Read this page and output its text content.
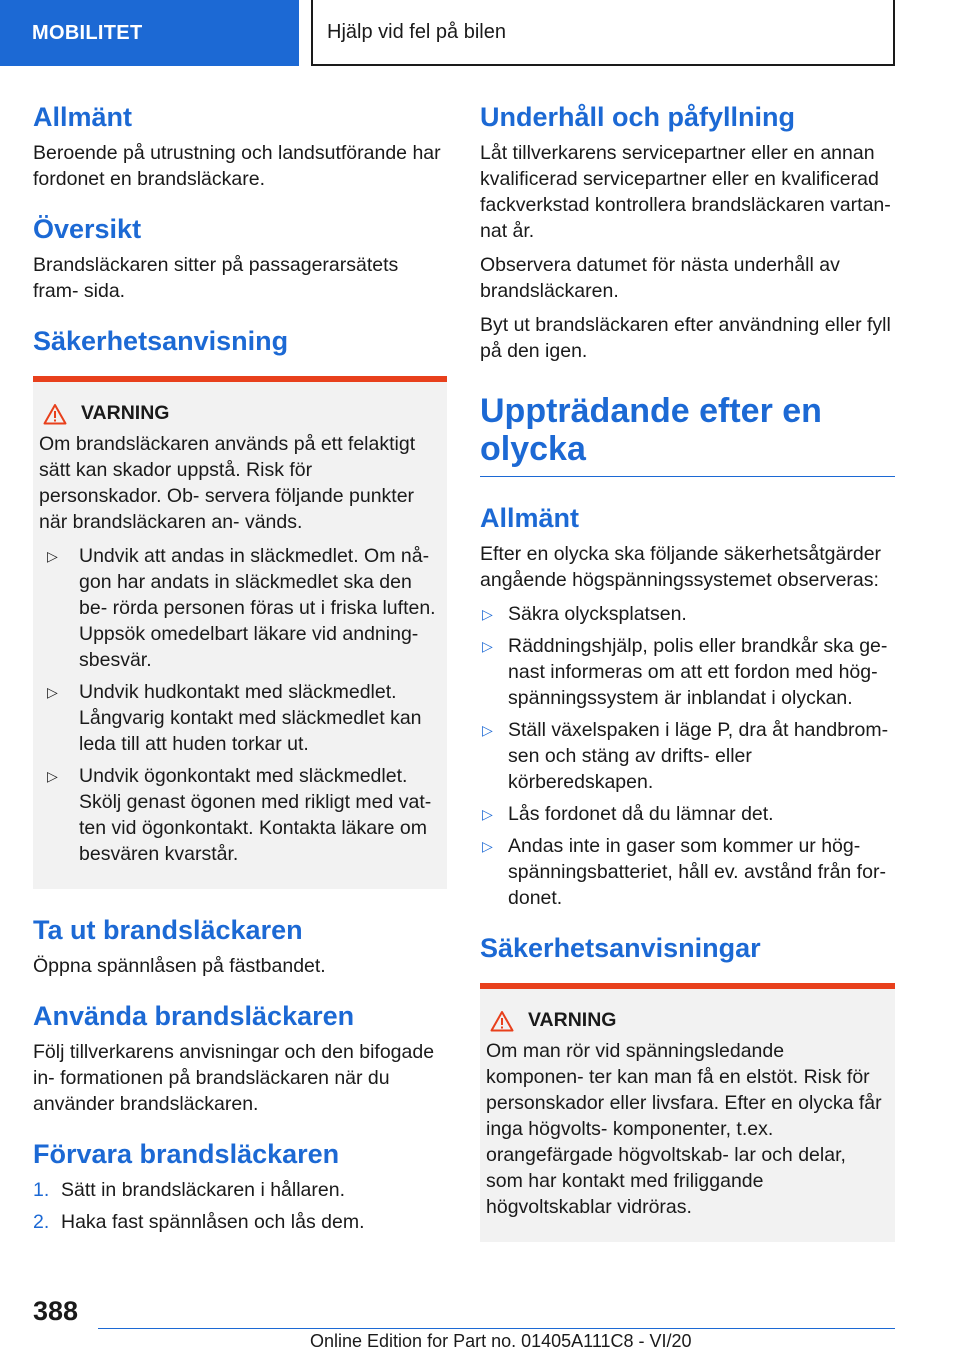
MOBILITET	Hjälp vid fel på bilen
Allmänt

Beroende på utrustning och landsutförande har fordonet en brandsläckare.

Översikt

Brandsläckaren sitter på passagerarsätets fram- sida.

Säkerhetsanvisning
VARNING

Om brandsläckaren används på ett felaktigt sätt kan skador uppstå. Risk för personskador. Ob- servera följande punkter när brandsläckaren an- vänds.

▷	Undvik att andas in släckmedlet. Om nå- gon har andats in släckmedlet ska den be- rörda personen föras ut i friska luften. Uppsök omedelbart läkare vid andning- sbesvär.
▷	Undvik hudkontakt med släckmedlet. Långvarig kontakt med släckmedlet kan leda till att huden torkar ut.
▷	Undvik ögonkontakt med släckmedlet. Skölj genast ögonen med rikligt med vat- ten vid ögonkontakt. Kontakta läkare om besvären kvarstår.
Ta ut brandsläckaren

Öppna spännlåsen på fästbandet.

Använda brandsläckaren

Följ tillverkarens anvisningar och den bifogade in- formationen på brandsläckaren när du använder brandsläckaren.

Förvara brandsläckaren
1. Sätt in brandsläckaren i hållaren.
2. Haka fast spännlåsen och lås dem.
Underhåll och påfyllning

Låt tillverkarens servicepartner eller en annan kvalificerad servicepartner eller en kvalificerad fackverkstad kontrollera brandsläckaren vartan- nat år.

Observera datumet för nästa underhåll av brandsläckaren.

Byt ut brandsläckaren efter användning eller fyll på den igen.

Uppträdande efter en olycka
Allmänt

Efter en olycka ska följande säkerhetsåtgärder angående högspänningssystemet observeras:

▷ Säkra olycksplatsen.
▷ Räddningshjälp, polis eller brandkår ska ge- nast informeras om att ett fordon med hög- spänningssystem är inblandat i olyckan.
▷ Ställ växelspaken i läge P, dra åt handbrom- sen och stäng av drifts- eller körberedskapen.
▷ Lås fordonet då du lämnar det.
▷ Andas inte in gaser som kommer ur hög- spänningsbatteriet, håll ev. avstånd från for- donet.
Säkerhetsanvisningar
VARNING

Om man rör vid spänningsledande komponen- ter kan man få en elstöt. Risk för personskador eller livsfara. Efter en olycka får inga högvolts- komponenter, t.ex. orangefärgade högvoltskab- lar och delar, som har kontakt med friliggande högvoltskablar vidröras.

388
Online Edition for Part no. 01405A111C8 - VI/20
